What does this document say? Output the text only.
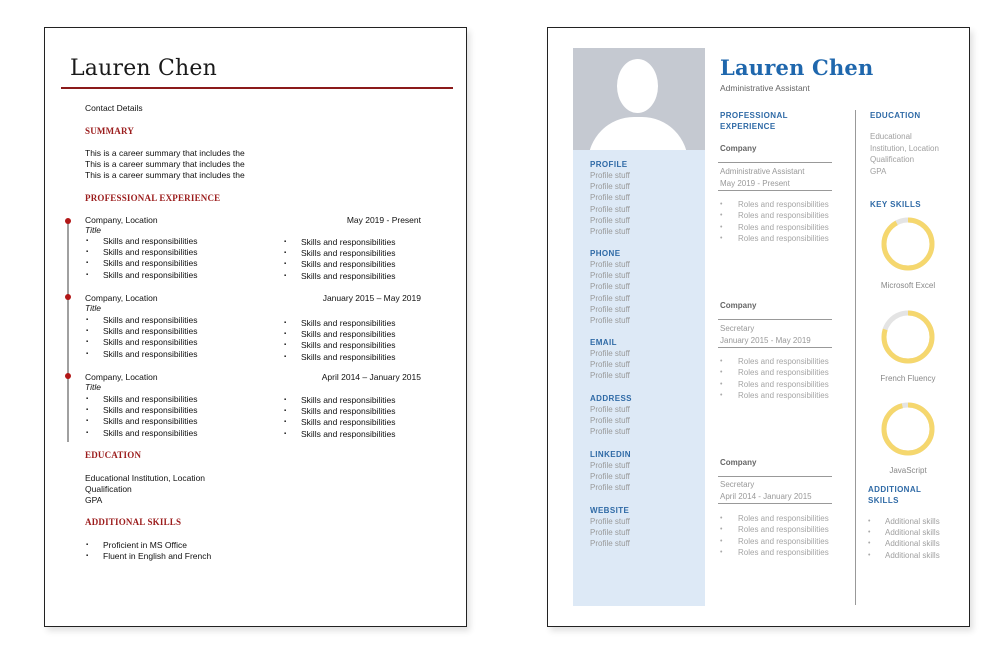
Lauren Chen
Contact Details
SUMMARY
This is a career summary that includes the
This is a career summary that includes the
This is a career summary that includes the
PROFESSIONAL EXPERIENCE
Company, Location	May 2019 - Present
Title
▪ Skills and responsibilities
▪ Skills and responsibilities
▪ Skills and responsibilities
▪ Skills and responsibilities
▪ Skills and responsibilities
▪ Skills and responsibilities
▪ Skills and responsibilities
▪ Skills and responsibilities
Company, Location	January 2015 – May 2019
Title
▪ Skills and responsibilities
▪ Skills and responsibilities
▪ Skills and responsibilities
▪ Skills and responsibilities
▪ Skills and responsibilities
▪ Skills and responsibilities
▪ Skills and responsibilities
▪ Skills and responsibilities
Company, Location	April 2014 – January 2015
Title
▪ Skills and responsibilities
▪ Skills and responsibilities
▪ Skills and responsibilities
▪ Skills and responsibilities
▪ Skills and responsibilities
▪ Skills and responsibilities
▪ Skills and responsibilities
▪ Skills and responsibilities
EDUCATION
Educational Institution, Location
Qualification
GPA
ADDITIONAL SKILLS
▪ Proficient in MS Office
▪ Fluent in English and French
PROFILE
Profile stuff
Profile stuff
Profile stuff
Profile stuff
Profile stuff
Profile stuff
PHONE
Profile stuff
Profile stuff
Profile stuff
Profile stuff
Profile stuff
Profile stuff
EMAIL
Profile stuff
Profile stuff
Profile stuff
ADDRESS
Profile stuff
Profile stuff
Profile stuff
LINKEDIN
Profile stuff
Profile stuff
Profile stuff
WEBSITE
Profile stuff
Profile stuff
Profile stuff
Lauren Chen
Administrative Assistant
PROFESSIONAL
EXPERIENCE
Company
Administrative Assistant
May 2019 - Present
• Roles and responsibilities
• Roles and responsibilities
• Roles and responsibilities
• Roles and responsibilities
Company
Secretary
January 2015 - May 2019
• Roles and responsibilities
• Roles and responsibilities
• Roles and responsibilities
• Roles and responsibilities
Company
Secretary
April 2014 - January 2015
• Roles and responsibilities
• Roles and responsibilities
• Roles and responsibilities
• Roles and responsibilities
EDUCATION
Educational
Institution, Location
Qualification
GPA
KEY SKILLS
Microsoft Excel
French Fluency
JavaScript
ADDITIONAL
SKILLS
• Additional skills
• Additional skills
• Additional skills
• Additional skills
